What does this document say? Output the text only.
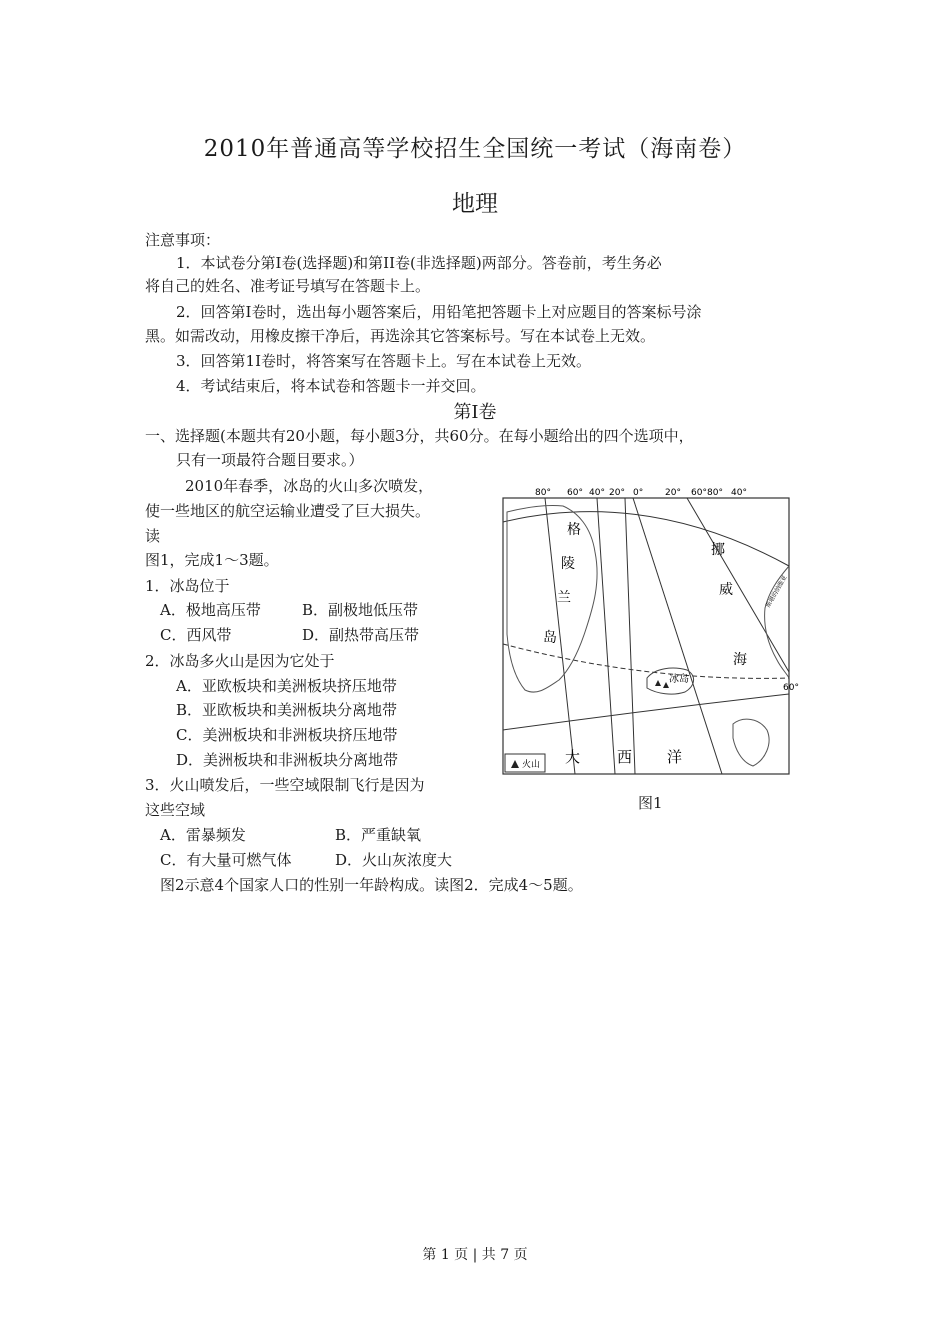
2010年普通高等学校招生全国统一考试（海南卷）
地理
注意事项：
1．本试卷分第Ⅰ卷(选择题)和第II卷(非选择题)两部分。答卷前，考生务必
将自己的姓名、准考证号填写在答题卡上。
2．回答第Ⅰ卷时，选出每小题答案后，用铅笔把答题卡上对应题目的答案标号涂
黑。如需改动，用橡皮擦干净后，再选涂其它答案标号。写在本试卷上无效。
3．回答第1I卷时，将答案写在答题卡上。写在本试卷上无效。
4．考试结束后，将本试卷和答题卡一并交回。
第Ⅰ卷
一、选择题(本题共有20小题，每小题3分，共60分。在每小题给出的四个选项中，
只有一项最符合题目要求。）
2010年春季，冰岛的火山多次喷发，
使一些地区的航空运输业遭受了巨大损失。
读
图1，完成1～3题。
1．冰岛位于
A．极地高压带	B．副极地低压带
C．西风带	D．副热带高压带
2．冰岛多火山是因为它处于
A．亚欧板块和美洲板块挤压地带
B．亚欧板块和美洲板块分离地带
C．美洲板块和非洲板块挤压地带
D．美洲板块和非洲板块分离地带
3．火山喷发后，一些空域限制飞行是因为
这些空域
A．雷暴频发	B．严重缺氧
C．有大量可燃气体	D．火山灰浓度大
图2示意4个国家人口的性别一年龄构成。读图2．完成4～5题。
80° 60° 40° 20° 0° 20° 60° 80° 40°
60°
格
陵
兰
岛
挪
威
海
大 西 洋
冰岛
火山
斯堪的纳维亚
图1
第 1 页 | 共 7 页
